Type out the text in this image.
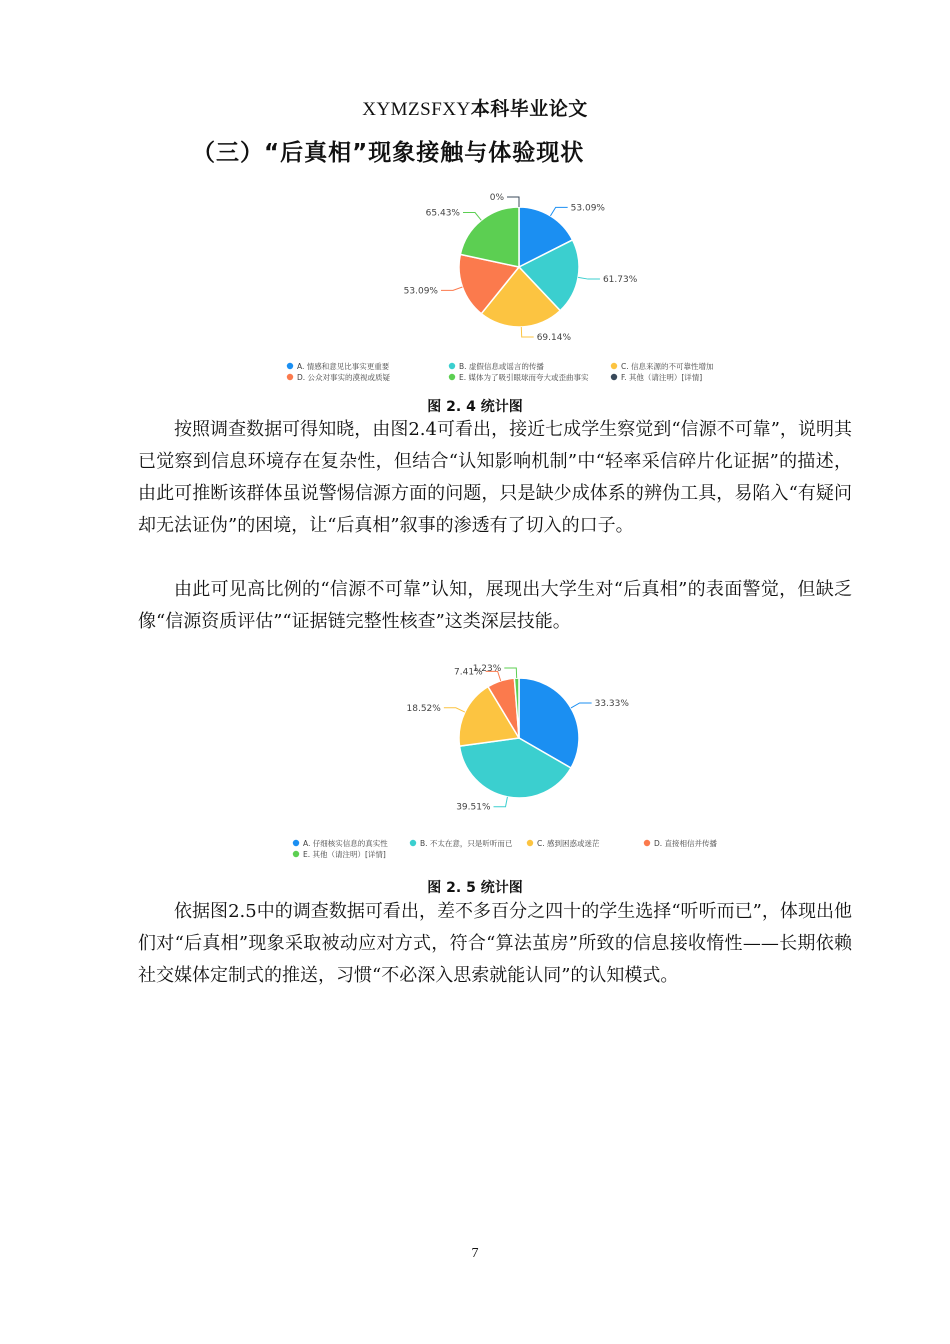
XYMZSFXY本科毕业论文
（三）“后真相”现象接触与体验现状
53.09%
61.73%
69.14%
53.09%
65.43%
0%
A. 情感和意见比事实更重要	B. 虚假信息或谣言的传播	C. 信息来源的不可靠性增加
D. 公众对事实的漠视或质疑	E. 媒体为了吸引眼球而夸大或歪曲事实	F. 其他（请注明）[详情]
图 2. 4 统计图

按照调查数据可得知晓，由图2.4可看出，接近七成学生察觉到“信源不可靠”，说明其已觉察到信息环境存在复杂性，但结合“认知影响机制”中“轻率采信碎片化证据”的描述，由此可推断该群体虽说警惕信源方面的问题，只是缺少成体系的辨伪工具，易陷入“有疑问却无法证伪”的困境，让“后真相”叙事的渗透有了切入的口子。

由此可见高比例的“信源不可靠”认知，展现出大学生对“后真相”的表面警觉，但缺乏像“信源资质评估”“证据链完整性核查”这类深层技能。

33.33%
39.51%
18.52%
7.41%
1.23%
A. 仔细核实信息的真实性	B. 不太在意，只是听听而已	C. 感到困惑或迷茫	D. 直接相信并传播
E. 其他（请注明）[详情]
图 2. 5 统计图

依据图2.5中的调查数据可看出，差不多百分之四十的学生选择“听听而已”，体现出他们对“后真相”现象采取被动应对方式，符合“算法茧房”所致的信息接收惰性——长期依赖社交媒体定制式的推送，习惯“不必深入思索就能认同”的认知模式。

7
